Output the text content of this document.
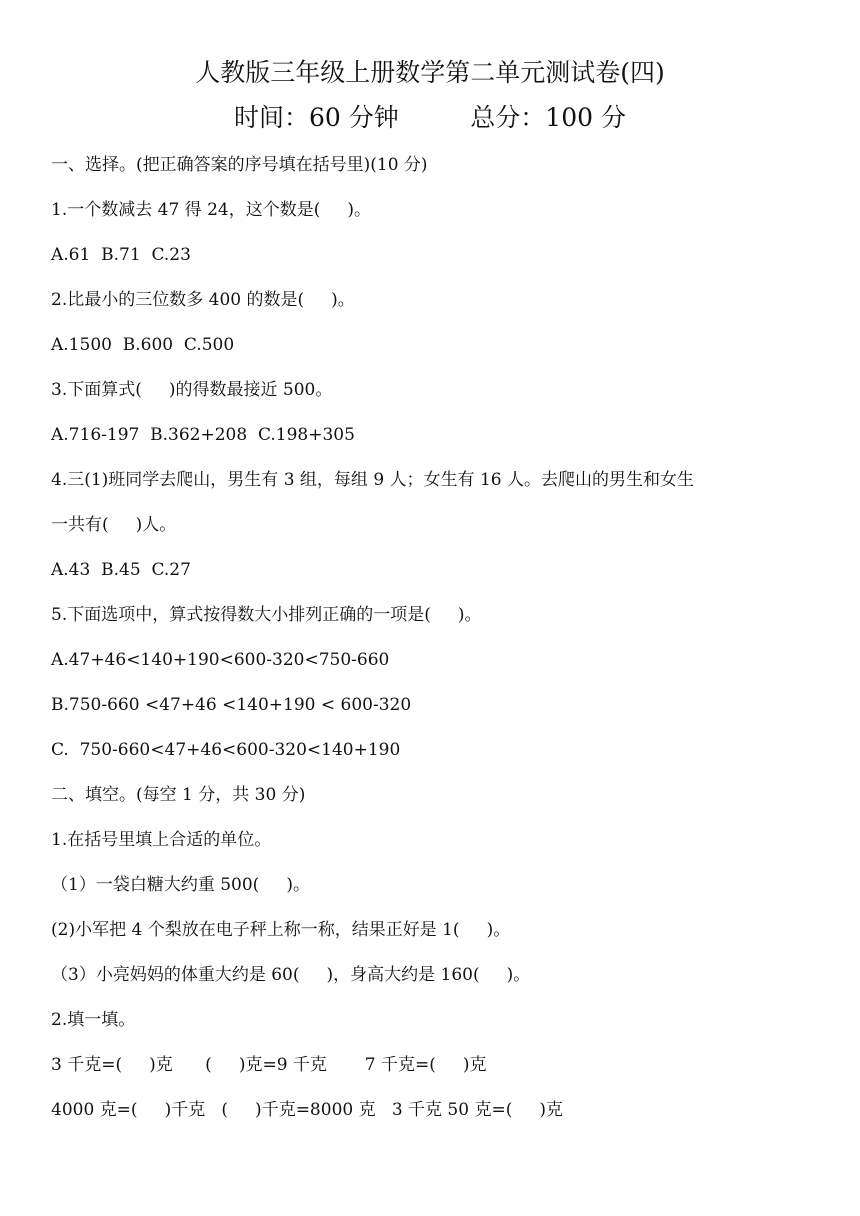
人教版三年级上册数学第二单元测试卷(四)
时间：60 分钟         总分：100 分
一、选择。(把正确答案的序号填在括号里)(10 分)
1.一个数减去 47 得 24，这个数是(     )。
A.61  B.71  C.23
2.比最小的三位数多 400 的数是(     )。
A.1500  B.600  C.500
3.下面算式(     )的得数最接近 500。
A.716-197  B.362+208  C.198+305
4.三(1)班同学去爬山，男生有 3 组，每组 9 人；女生有 16 人。去爬山的男生和女生
一共有(     )人。
A.43  B.45  C.27
5.下面选项中，算式按得数大小排列正确的一项是(     )。
A.47+46<140+190<600-320<750-660
B.750-660 <47+46 <140+190 < 600-320
C.  750-660<47+46<600-320<140+190
二、填空。(每空 1 分，共 30 分)
1.在括号里填上合适的单位。
（1）一袋白糖大约重 500(     )。
(2)小军把 4 个梨放在电子秤上称一称，结果正好是 1(     )。
（3）小亮妈妈的体重大约是 60(     )，身高大约是 160(     )。
2.填一填。
3 千克=(     )克      (     )克=9 千克       7 千克=(     )克
4000 克=(     )千克   (     )千克=8000 克   3 千克 50 克=(     )克
